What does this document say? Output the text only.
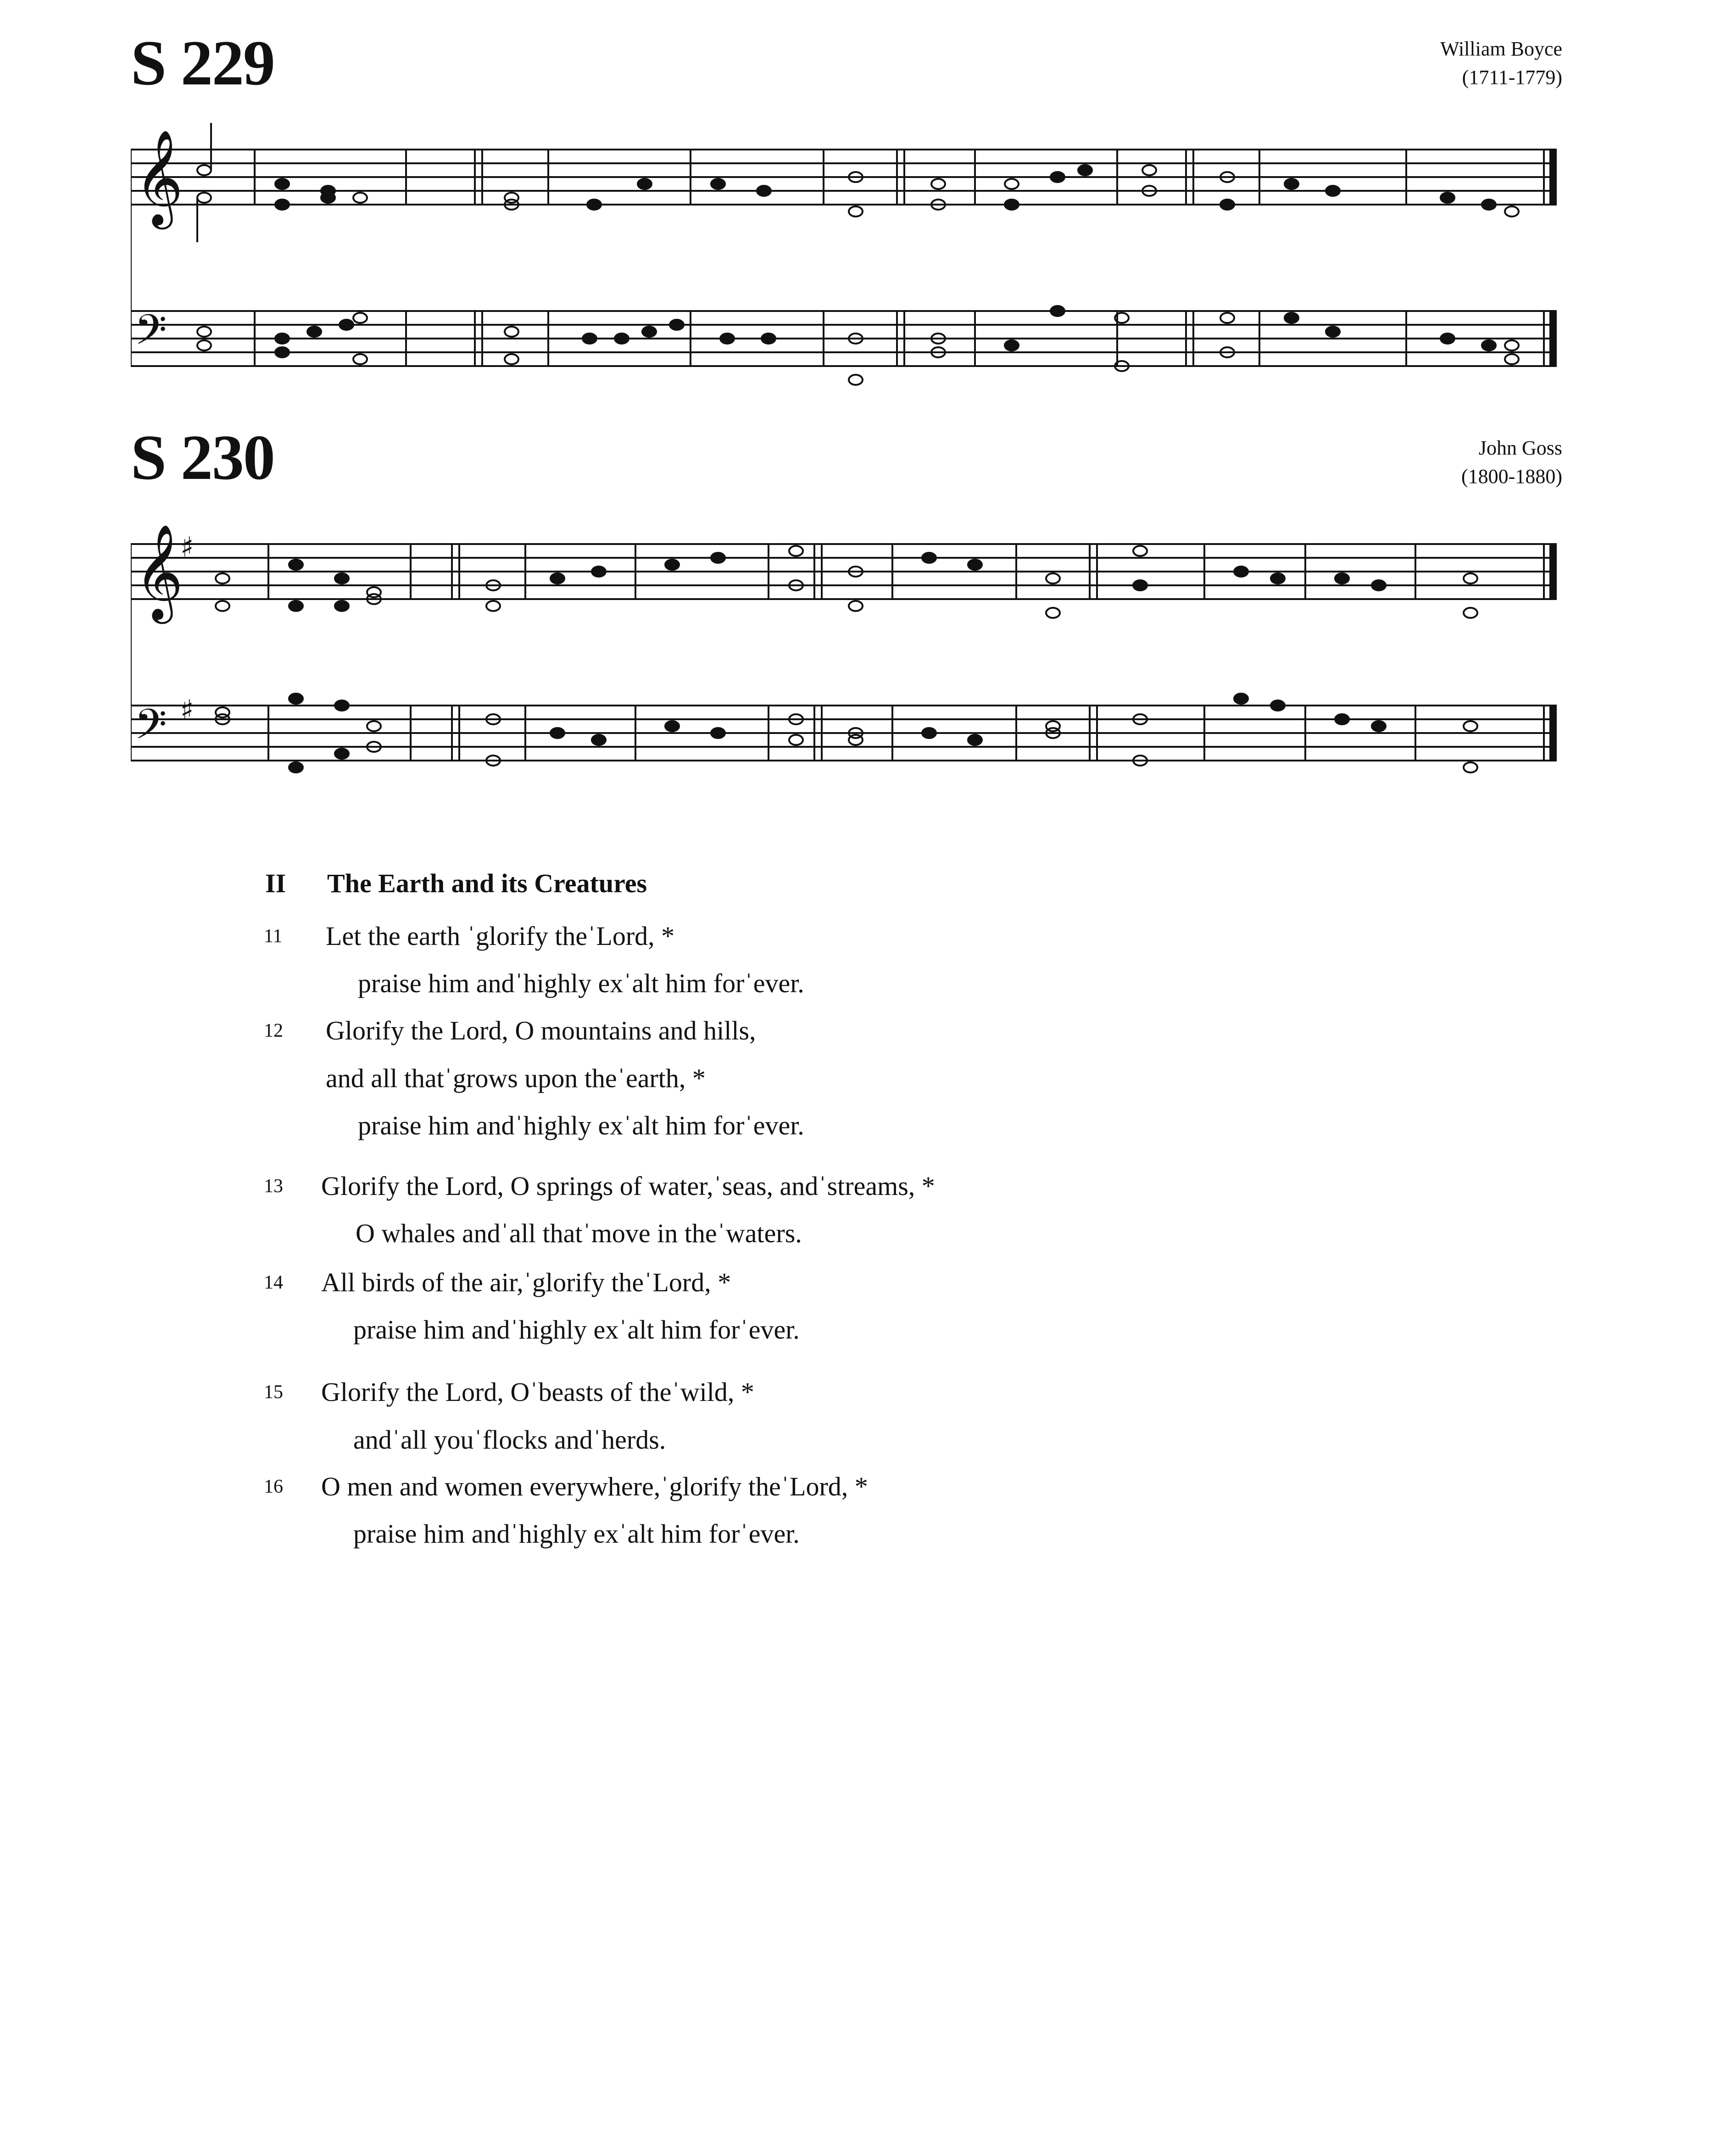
S 229	William Boyce
(1711-1779)
𝄞
𝄢
S 230	John Goss
(1800-1880)
𝄞
𝄢
♯
♯
II The Earth and its Creatures
11 Let the earth ˈglorify theˈLord, *
praise him andˈhighly exˈalt him forˈever.
12 Glorify the Lord, O mountains and hills,
and all thatˈgrows upon theˈearth, *
praise him andˈhighly exˈalt him forˈever.
13 Glorify the Lord, O springs of water,ˈseas, andˈstreams, *
O whales andˈall thatˈmove in theˈwaters.
14 All birds of the air,ˈglorify theˈLord, *
praise him andˈhighly exˈalt him forˈever.
15 Glorify the Lord, Oˈbeasts of theˈwild, *
andˈall youˈflocks andˈherds.
16 O men and women everywhere,ˈglorify theˈLord, *
praise him andˈhighly exˈalt him forˈever.
